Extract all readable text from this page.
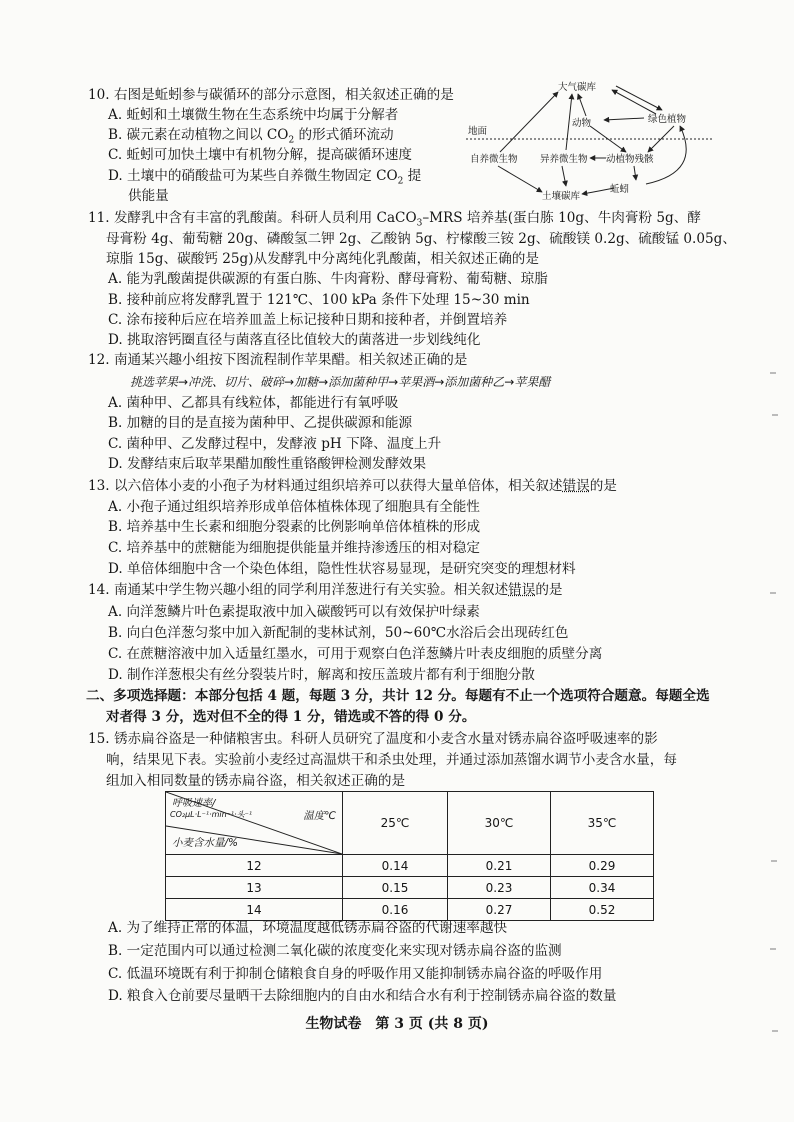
10. 右图是蚯蚓参与碳循环的部分示意图，相关叙述正确的是
A. 蚯蚓和土壤微生物在生态系统中均属于分解者
B. 碳元素在动植物之间以 $CO_2$ 的形式循环流动
C. 蚯蚓可加快土壤中有机物分解，提高碳循环速度
D. 土壤中的硝酸盐可为某些自养微生物固定 $CO_2$ 提
供能量
大气碳库
动物	绿色植物
地面
自养微生物 异养微生物 动植物残骸
土壤碳库
蚯蚓
11. 发酵乳中含有丰富的乳酸菌。科研人员利用 CaCO$_3$–MRS 培养基(蛋白胨 10g、牛肉膏粉 5g、酵
母膏粉 4g、葡萄糖 20g、磷酸氢二钾 2g、乙酸钠 5g、柠檬酸三铵 2g、硫酸镁 0.2g、硫酸锰 0.05g、
琼脂 15g、碳酸钙 25g)从发酵乳中分离纯化乳酸菌，相关叙述正确的是
A. 能为乳酸菌提供碳源的有蛋白胨、牛肉膏粉、酵母膏粉、葡萄糖、琼脂
B. 接种前应将发酵乳置于 121℃、100 kPa 条件下处理 15~30 min
C. 涂布接种后应在培养皿盖上标记接种日期和接种者，并倒置培养
D. 挑取溶钙圈直径与菌落直径比值较大的菌落进一步划线纯化
12. 南通某兴趣小组按下图流程制作苹果醋。相关叙述正确的是
挑选苹果→冲洗、切片、破碎→加糖→添加菌种甲→苹果酒→添加菌种乙→苹果醋
A. 菌种甲、乙都具有线粒体，都能进行有氧呼吸
B. 加糖的目的是直接为菌种甲、乙提供碳源和能源
C. 菌种甲、乙发酵过程中，发酵液 pH 下降、温度上升
D. 发酵结束后取苹果醋加酸性重铬酸钾检测发酵效果
13. 以六倍体小麦的小孢子为材料通过组织培养可以获得大量单倍体，相关叙述错误的是
A. 小孢子通过组织培养形成单倍体植株体现了细胞具有全能性
B. 培养基中生长素和细胞分裂素的比例影响单倍体植株的形成
C. 培养基中的蔗糖能为细胞提供能量并维持渗透压的相对稳定
D. 单倍体细胞中含一个染色体组，隐性性状容易显现，是研究突变的理想材料
14. 南通某中学生物兴趣小组的同学利用洋葱进行有关实验。相关叙述错误的是
A. 向洋葱鳞片叶色素提取液中加入碳酸钙可以有效保护叶绿素
B. 向白色洋葱匀浆中加入新配制的斐林试剂，50~60℃水浴后会出现砖红色
C. 在蔗糖溶液中加入适量红墨水，可用于观察白色洋葱鳞片叶表皮细胞的质壁分离
D. 制作洋葱根尖有丝分裂装片时，解离和按压盖玻片都有利于细胞分散
二、多项选择题：本部分包括 4 题，每题 3 分，共计 12 分。每题有不止一个选项符合题意。每题全选
对者得 3 分，选对但不全的得 1 分，错选或不答的得 0 分。
15. 锈赤扁谷盗是一种储粮害虫。科研人员研究了温度和小麦含水量对锈赤扁谷盗呼吸速率的影
响，结果见下表。实验前小麦经过高温烘干和杀虫处理，并通过添加蒸馏水调节小麦含水量，每
组加入相同数量的锈赤扁谷盗，相关叙述正确的是
呼吸速率/
CO₂μL·L⁻¹·min⁻¹·头⁻¹ 温度℃
小麦含水量/%	25℃	30℃	35℃
12	0.14	0.21	0.29
13	0.15	0.23	0.34
14	0.16	0.27	0.52
A. 为了维持正常的体温，环境温度越低锈赤扁谷盗的代谢速率越快
B. 一定范围内可以通过检测二氧化碳的浓度变化来实现对锈赤扁谷盗的监测
C. 低温环境既有利于抑制仓储粮食自身的呼吸作用又能抑制锈赤扁谷盗的呼吸作用
D. 粮食入仓前要尽量晒干去除细胞内的自由水和结合水有利于控制锈赤扁谷盗的数量
生物试卷　第 3 页 (共 8 页)
